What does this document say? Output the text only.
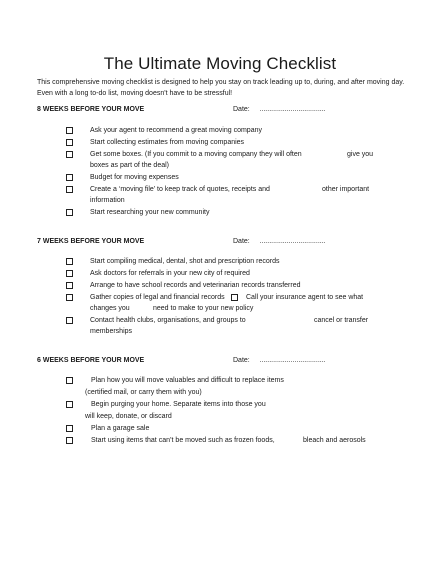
The Ultimate Moving Checklist
This comprehensive moving checklist is designed to help you stay on track leading up to, during, and after moving day. Even with a long to-do list, moving doesn't have to be stressful!
8 WEEKS BEFORE YOUR MOVE	Date: ..................................
Ask your agent to recommend a great moving company
Start collecting estimates from moving companies
Get some boxes. (If you commit to a moving company they will often	give you
boxes as part of the deal)
Budget for moving expenses
Create a ‘moving file’ to keep track of quotes, receipts and	other important
information
Start researching your new community
7 WEEKS BEFORE YOUR MOVE	Date: ..................................
Start compiling medical, dental, shot and prescription records
Ask doctors for referrals in your new city of required
Arrange to have school records and veterinarian records transferred
Gather copies of legal and financial records	Call your insurance agent to see what
changes you	need to make to your new policy
Contact health clubs, organisations, and groups to	cancel or transfer
memberships
6 WEEKS BEFORE YOUR MOVE	Date: ..................................
Plan how you will move valuables and difficult to replace items
(certified mail, or carry them with you)
Begin purging your home. Separate items into those you
will keep, donate, or discard
Plan a garage sale
Start using items that can’t be moved such as frozen foods,	bleach and aerosols
